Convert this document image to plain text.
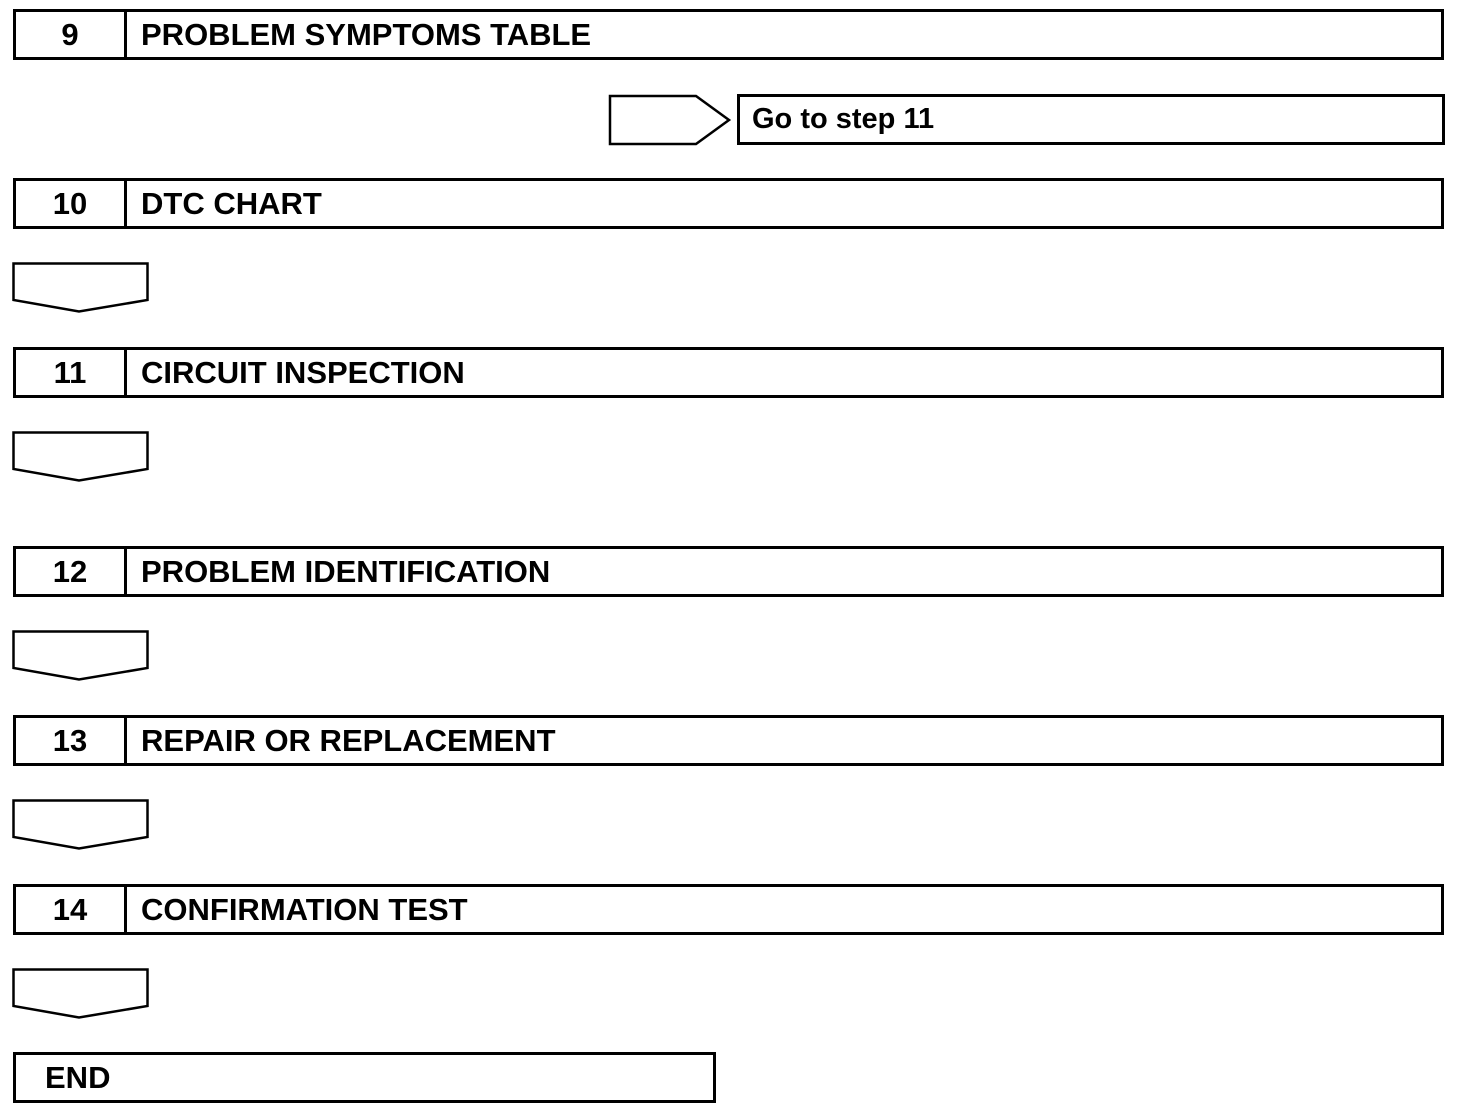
9	PROBLEM SYMPTOMS TABLE
Go to step 11
10	DTC CHART
11	CIRCUIT INSPECTION
12	PROBLEM IDENTIFICATION
13	REPAIR OR REPLACEMENT
14	CONFIRMATION TEST
END
